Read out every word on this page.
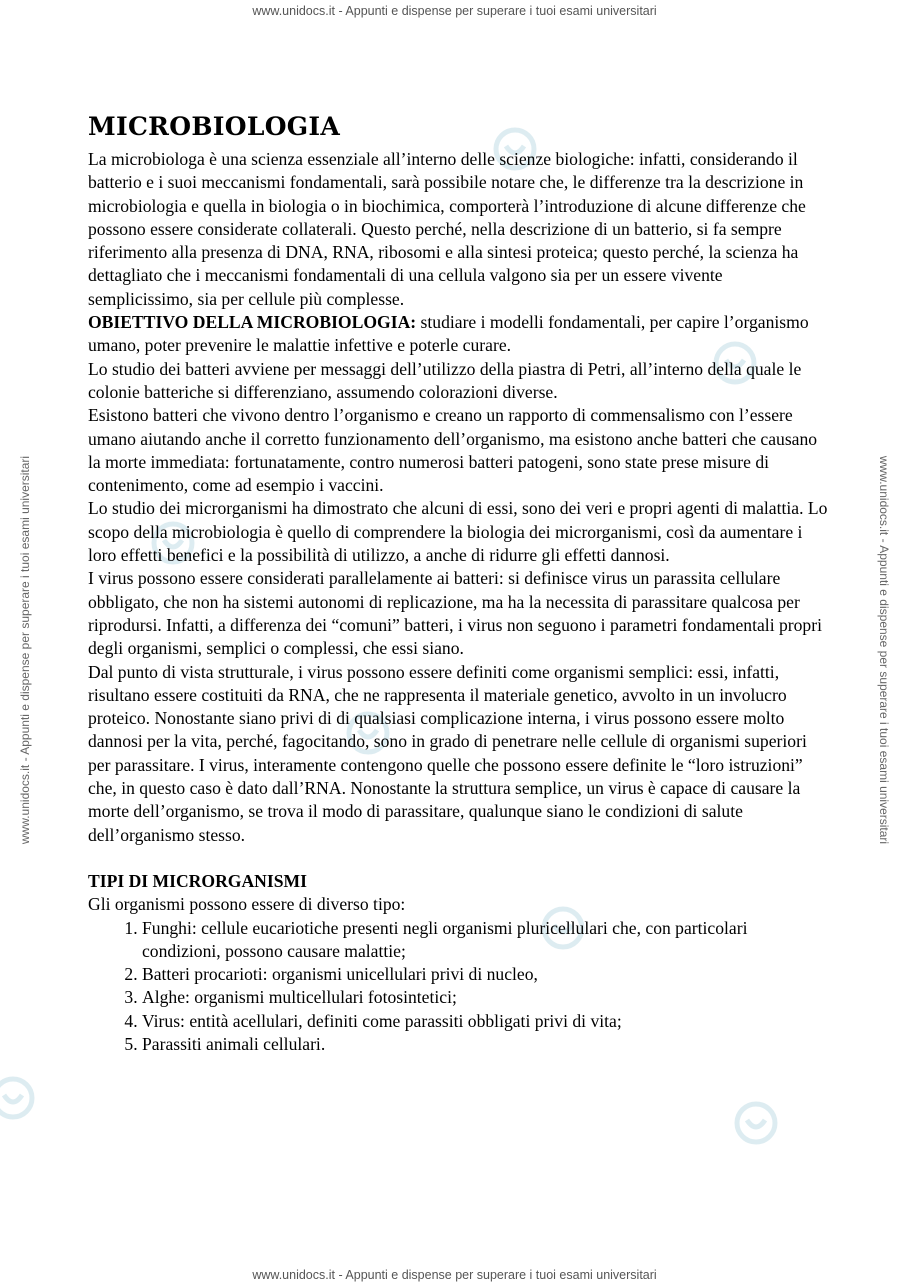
www.unidocs.it - Appunti e dispense per superare i tuoi esami universitari
www.unidocs.it - Appunti e dispense per superare i tuoi esami universitari
www.unidocs.it - Appunti e dispense per superare i tuoi esami universitari	www.unidocs.it - Appunti e dispense per superare i tuoi esami universitari
MICROBIOLOGIA

La microbiologa è una scienza essenziale all’interno delle scienze biologiche: infatti, considerando il batterio e i suoi meccanismi fondamentali, sarà possibile notare che, le differenze tra la descrizione in microbiologia e quella in biologia o in biochimica, comporterà l’introduzione di alcune differenze che possono essere considerate collaterali. Questo perché, nella descrizione di un batterio, si fa sempre riferimento alla presenza di DNA, RNA, ribosomi e alla sintesi proteica; questo perché, la scienza ha dettagliato che i meccanismi fondamentali di una cellula valgono sia per un essere vivente semplicissimo, sia per cellule più complesse.

OBIETTIVO DELLA MICROBIOLOGIA: studiare i modelli fondamentali, per capire l’organismo umano, poter prevenire le malattie infettive e poterle curare.

Lo studio dei batteri avviene per messaggi dell’utilizzo della piastra di Petri, all’interno della quale le colonie batteriche si differenziano, assumendo colorazioni diverse.

Esistono batteri che vivono dentro l’organismo e creano un rapporto di commensalismo con l’essere umano aiutando anche il corretto funzionamento dell’organismo, ma esistono anche batteri che causano la morte immediata: fortunatamente, contro numerosi batteri patogeni, sono state prese misure di contenimento, come ad esempio i vaccini.

Lo studio dei microrganismi ha dimostrato che alcuni di essi, sono dei veri e propri agenti di malattia. Lo scopo della microbiologia è quello di comprendere la biologia dei microrganismi, così da aumentare i loro effetti benefici e la possibilità di utilizzo, a anche di ridurre gli effetti dannosi.

I virus possono essere considerati parallelamente ai batteri: si definisce virus un parassita cellulare obbligato, che non ha sistemi autonomi di replicazione, ma ha la necessita di parassitare qualcosa per riprodursi. Infatti, a differenza dei “comuni” batteri, i virus non seguono i parametri fondamentali propri degli organismi, semplici o complessi, che essi siano.

Dal punto di vista strutturale, i virus possono essere definiti come organismi semplici: essi, infatti, risultano essere costituiti da RNA, che ne rappresenta il materiale genetico, avvolto in un involucro proteico. Nonostante siano privi di di qualsiasi complicazione interna, i virus possono essere molto dannosi per la vita, perché, fagocitando, sono in grado di penetrare nelle cellule di organismi superiori per parassitare. I virus, interamente contengono quelle che possono essere definite le “loro istruzioni” che, in questo caso è dato dall’RNA. Nonostante la struttura semplice, un virus è capace di causare la morte dell’organismo, se trova il modo di parassitare, qualunque siano le condizioni di salute dell’organismo stesso.

TIPI DI MICRORGANISMI

Gli organismi possono essere di diverso tipo:

1. Funghi: cellule eucariotiche presenti negli organismi pluricellulari che, con particolari condizioni, possono causare malattie;
2. Batteri procarioti: organismi unicellulari privi di nucleo,
3. Alghe: organismi multicellulari fotosintetici;
4. Virus: entità acellulari, definiti come parassiti obbligati privi di vita;
5. Parassiti animali cellulari.
